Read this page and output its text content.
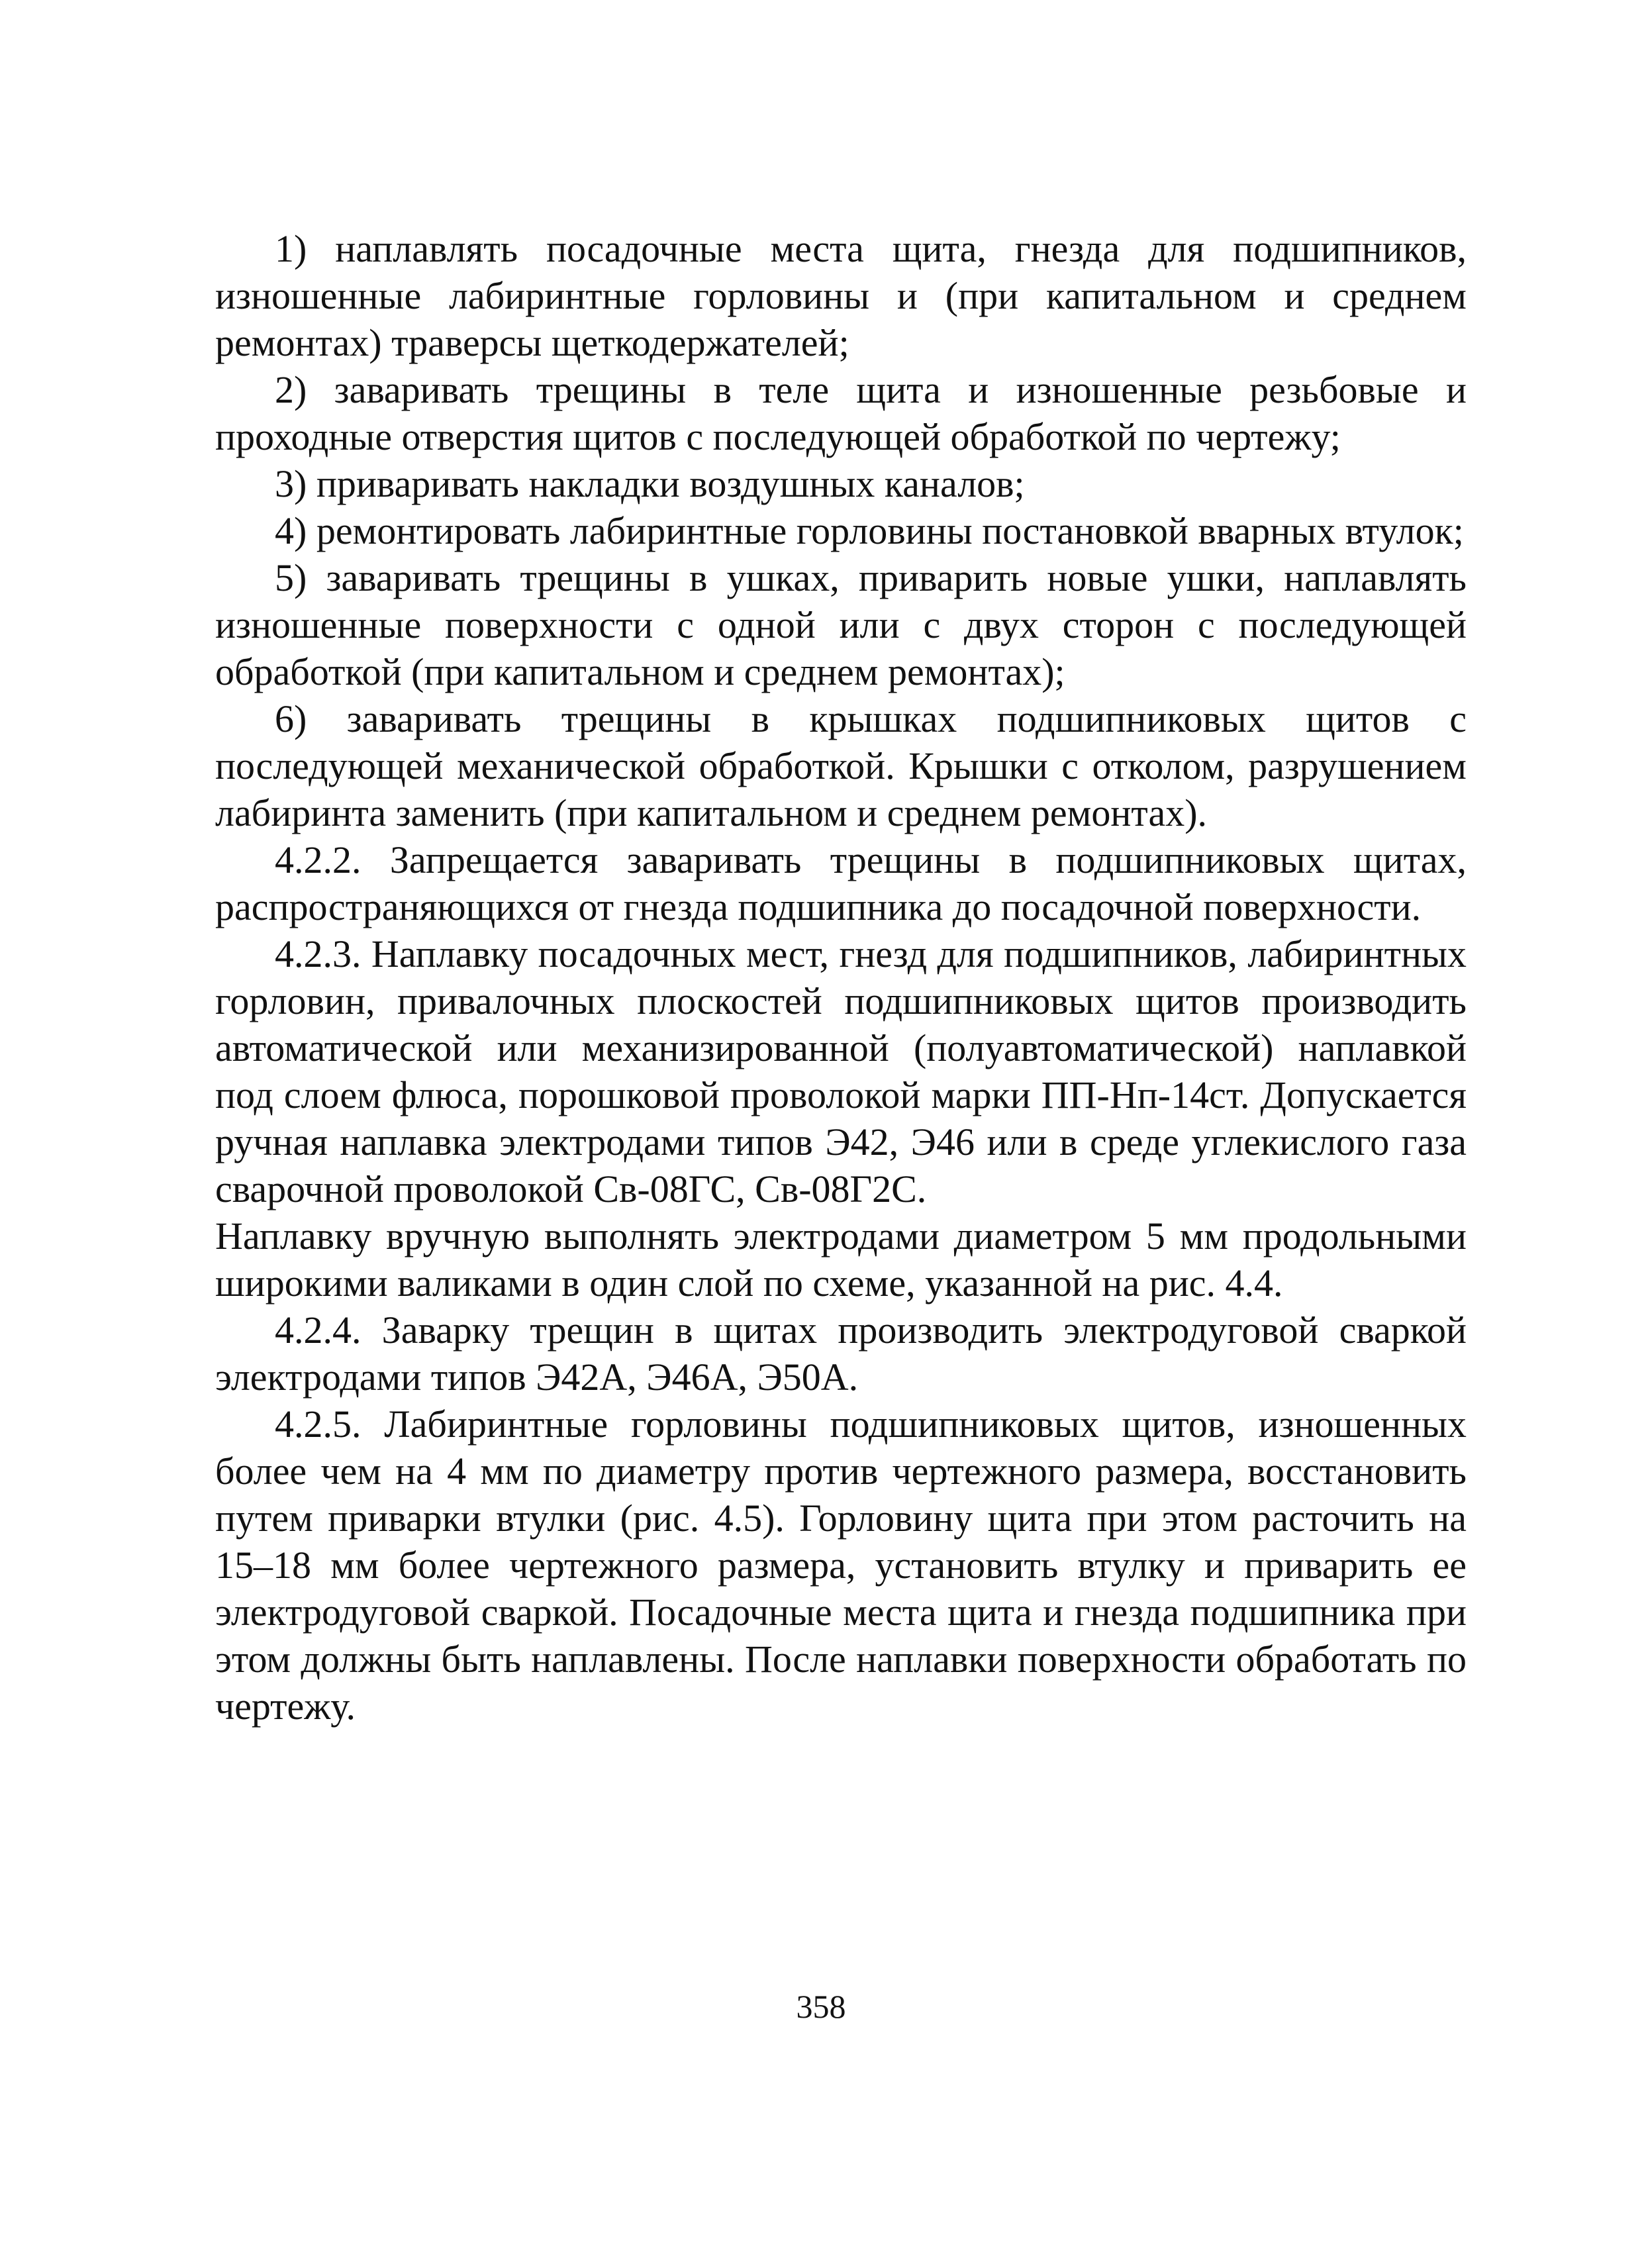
1) наплавлять посадочные места щита, гнезда для подшипников, изношенные лабиринтные горловины и (при капитальном и среднем ремонтах) траверсы щеткодержателей;

2) заваривать трещины в теле щита и изношенные резьбовые и проходные отверстия щитов с последующей обработкой по чертежу;

3) приваривать накладки воздушных каналов;

4) ремонтировать лабиринтные горловины постановкой вварных втулок;

5) заваривать трещины в ушках, приварить новые ушки, наплавлять изношенные поверхности с одной или с двух сторон с последующей обработкой (при капитальном и среднем ремонтах);

6) заваривать трещины в крышках подшипниковых щитов с последующей механической обработкой. Крышки с отколом, разрушением лабиринта заменить (при капитальном и среднем ремонтах).

4.2.2. Запрещается заваривать трещины в подшипниковых щитах, распространяющихся от гнезда подшипника до посадочной поверхности.

4.2.3. Наплавку посадочных мест, гнезд для подшипников, лабиринтных горловин, привалочных плоскостей подшипниковых щитов производить автоматической или механизированной (полуавтоматической) наплавкой под слоем флюса, порошковой проволокой марки ПП-Нп-14ст. Допускается ручная наплавка электродами типов Э42, Э46 или в среде углекислого газа сварочной проволокой Св-08ГС, Св-08Г2С.

Наплавку вручную выполнять электродами диаметром 5 мм продольными широкими валиками в один слой по схеме, указанной на рис. 4.4.

4.2.4. Заварку трещин в щитах производить электродуговой сваркой электродами типов Э42А, Э46А, Э50А.

4.2.5. Лабиринтные горловины подшипниковых щитов, изношенных более чем на 4 мм по диаметру против чертежного размера, восстановить путем приварки втулки (рис. 4.5). Горловину щита при этом расточить на 15–18 мм более чертежного размера, установить втулку и приварить ее электродуговой сваркой. Посадочные места щита и гнезда подшипника при этом должны быть наплавлены. После наплавки поверхности обработать по чертежу.

358
